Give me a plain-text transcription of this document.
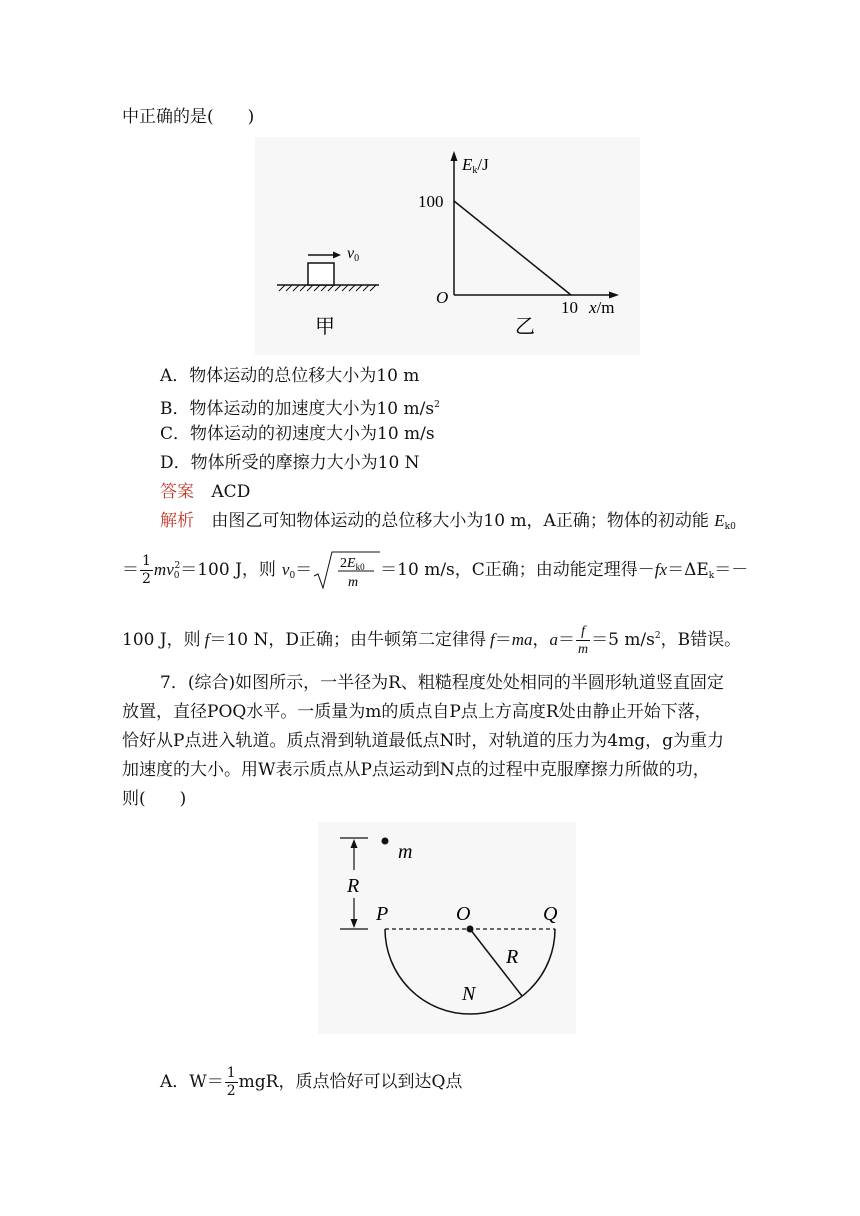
中正确的是(　　)
v0
甲
Ek/J
100
O
10 x/m
乙
A．物体运动的总位移大小为10 m
B．物体运动的加速度大小为10 $m/s^2$
C．物体运动的初速度大小为10 m/s
D．物体所受的摩擦力大小为10 N
答案 ACD
解析 由图乙可知物体运动的总位移大小为10 m，A正确；物体的初动能 $E_{k0}$
＝ $\frac{1}{2} mv_0^2=100$ J，则 $v_0= 2E_{k0}$
m
＝10 m/s，C正确；由动能定理得$-fx=\Delta E_k=-$
100 J，则 f＝10 N，D正确；由牛顿第二定律得 f＝ma，$a= \frac{f}{m} =5$ $m/s^2$，B错误。
7．(综合)如图所示，一半径为R、粗糙程度处处相同的半圆形轨道竖直固定
放置，直径POQ水平。一质量为m的质点自P点上方高度R处由静止开始下落，
恰好从P点进入轨道。质点滑到轨道最低点N时，对轨道的压力为4mg，g为重力
加速度的大小。用W表示质点从P点运动到N点的过程中克服摩擦力所做的功，
则(　　)
R
m
P	O	Q
R
N
A．$W= \frac{1}{2}$ mgR，质点恰好可以到达Q点
